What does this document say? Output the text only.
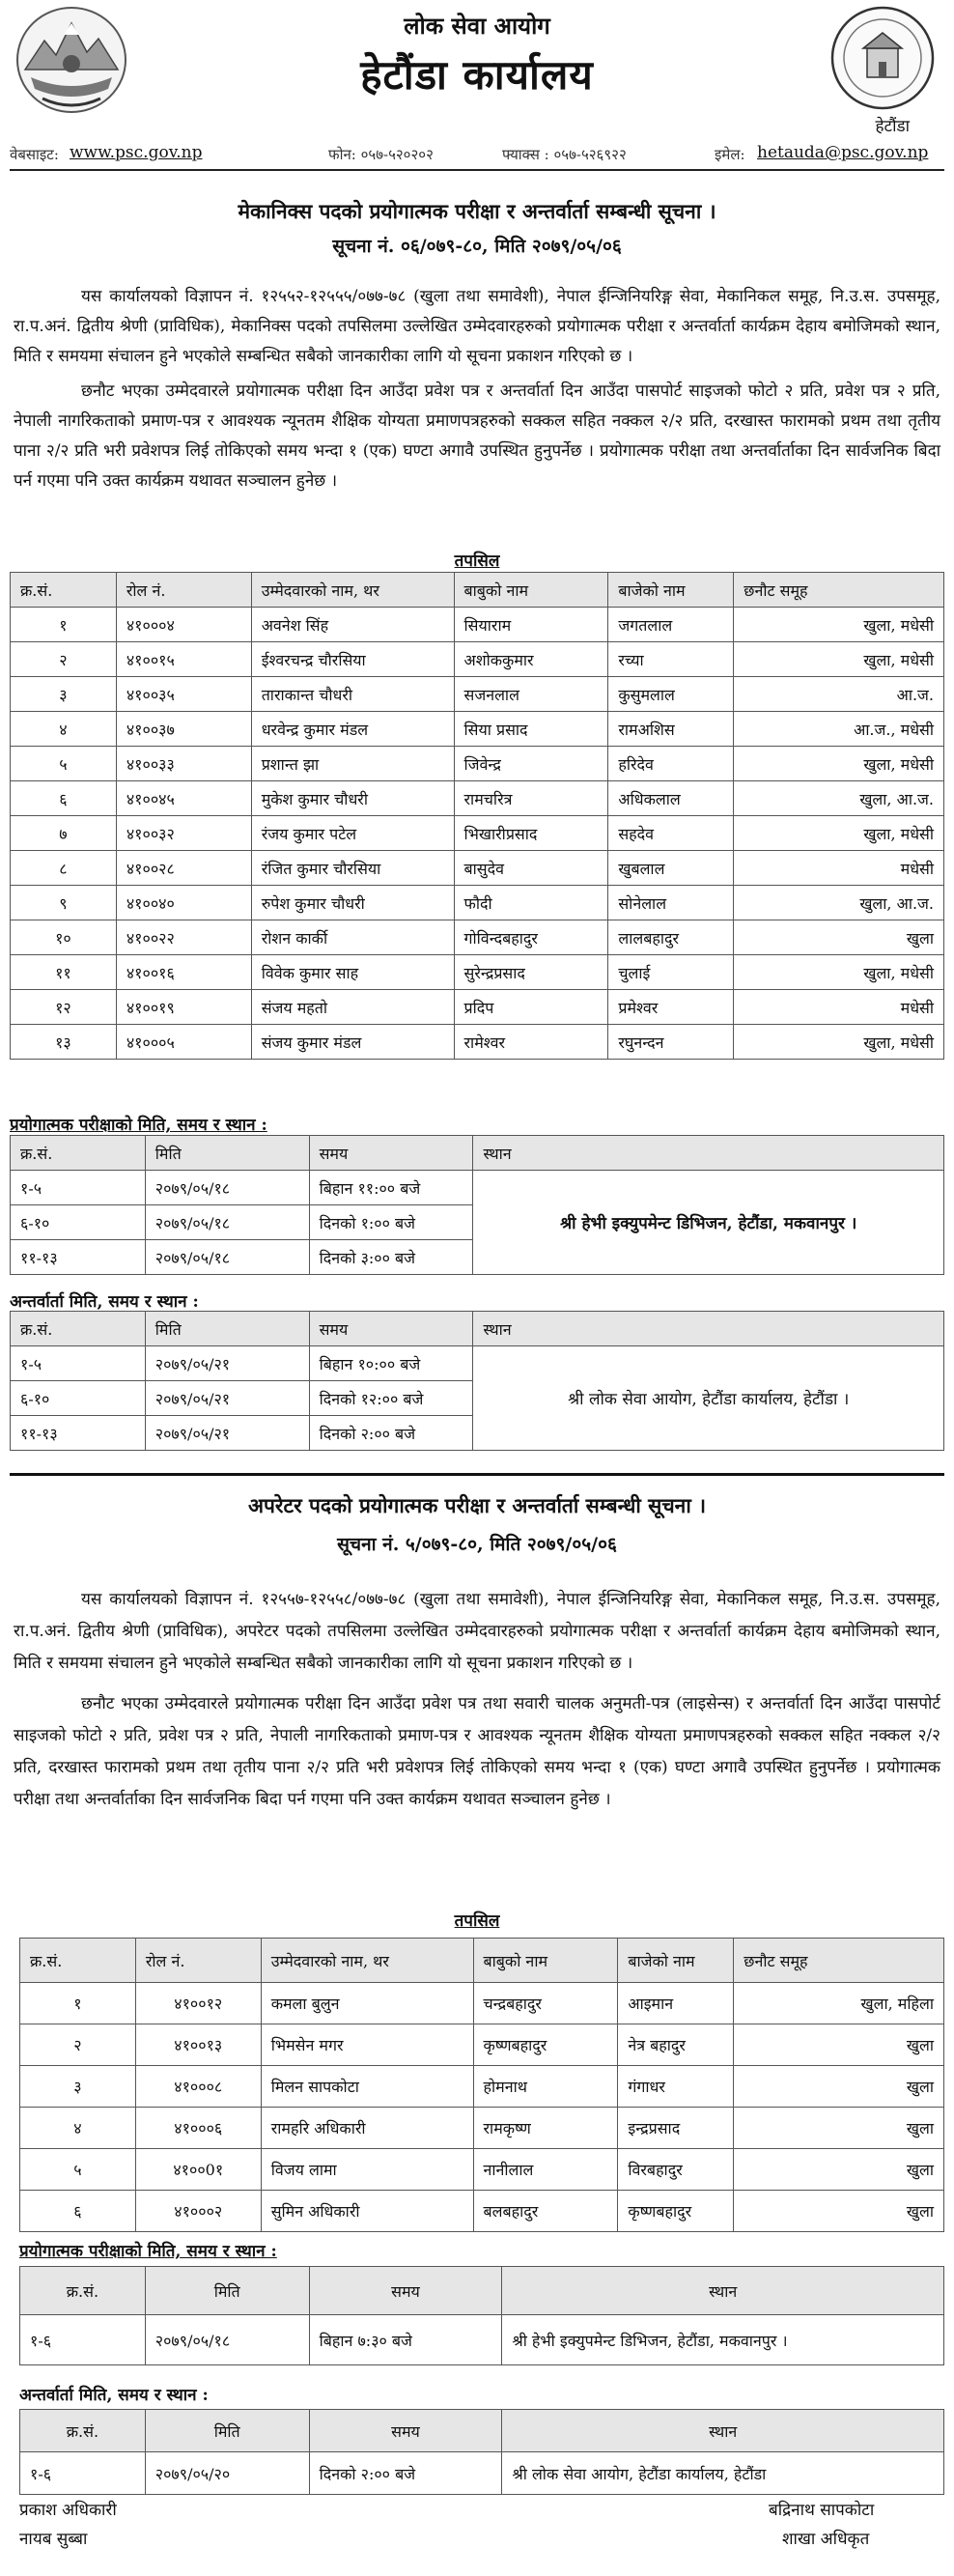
लोक सेवा आयोग
हेटौंडा कार्यालय
हेटौंडा
वेबसाइट: www.psc.gov.np	फोन: ०५७-५२०२०२	फ्याक्स : ०५७-५२६९२२	इमेल: hetauda@psc.gov.np
मेकानिक्स पदको प्रयोगात्मक परीक्षा र अन्तर्वार्ता सम्बन्धी सूचना ।
सूचना नं. ०६/०७९-८०, मिति २०७९/०५/०६

यस कार्यालयको विज्ञापन नं. १२५५२-१२५५५/०७७-७८ (खुला तथा समावेशी), नेपाल ईन्जिनियरिङ्ग सेवा, मेकानिकल समूह, नि.उ.स. उपसमूह, रा.प.अनं. द्वितीय श्रेणी (प्राविधिक), मेकानिक्स पदको तपसिलमा उल्लेखित उम्मेदवारहरुको प्रयोगात्मक परीक्षा र अन्तर्वार्ता कार्यक्रम देहाय बमोजिमको स्थान, मिति र समयमा संचालन हुने भएकोले सम्बन्धित सबैको जानकारीका लागि यो सूचना प्रकाशन गरिएको छ ।

छनौट भएका उम्मेदवारले प्रयोगात्मक परीक्षा दिन आउँदा प्रवेश पत्र र अन्तर्वार्ता दिन आउँदा पासपोर्ट साइजको फोटो २ प्रति, प्रवेश पत्र २ प्रति, नेपाली नागरिकताको प्रमाण-पत्र र आवश्यक न्यूनतम शैक्षिक योग्यता प्रमाणपत्रहरुको सक्कल सहित नक्कल २/२ प्रति, दरखास्त फारामको प्रथम तथा तृतीय पाना २/२ प्रति भरी प्रवेशपत्र लिई तोकिएको समय भन्दा १ (एक) घण्टा अगावै उपस्थित हुनुपर्नेछ । प्रयोगात्मक परीक्षा तथा अन्तर्वार्ताका दिन सार्वजनिक बिदा पर्न गएमा पनि उक्त कार्यक्रम यथावत सञ्चालन हुनेछ ।

तपसिल
क्र.सं.	रोल नं.	उम्मेदवारको नाम, थर	बाबुको नाम	बाजेको नाम	छनौट समूह
१	४१०००४	अवनेश सिंह	सियाराम	जगतलाल	खुला, मधेसी
२	४१००१५	ईश्वरचन्द्र चौरसिया	अशोककुमार	रच्या	खुला, मधेसी
३	४१००३५	ताराकान्त चौधरी	सजनलाल	कुसुमलाल	आ.ज.
४	४१००३७	धरवेन्द्र कुमार मंडल	सिया प्रसाद	रामअशिस	आ.ज., मधेसी
५	४१००३३	प्रशान्त झा	जिवेन्द्र	हरिदेव	खुला, मधेसी
६	४१००४५	मुकेश कुमार चौधरी	रामचरित्र	अधिकलाल	खुला, आ.ज.
७	४१००३२	रंजय कुमार पटेल	भिखारीप्रसाद	सहदेव	खुला, मधेसी
८	४१००२८	रंजित कुमार चौरसिया	बासुदेव	खुबलाल	मधेसी
९	४१००४०	रुपेश कुमार चौधरी	फौदी	सोनेलाल	खुला, आ.ज.
१०	४१००२२	रोशन कार्की	गोविन्दबहादुर	लालबहादुर	खुला
११	४१००१६	विवेक कुमार साह	सुरेन्द्रप्रसाद	चुलाई	खुला, मधेसी
१२	४१००१९	संजय महतो	प्रदिप	प्रमेश्वर	मधेसी
१३	४१०००५	संजय कुमार मंडल	रामेश्वर	रघुनन्दन	खुला, मधेसी
प्रयोगात्मक परीक्षाको मिति, समय र स्थान :
क्र.सं.	मिति	समय	स्थान
१-५	२०७९/०५/१८	बिहान ११:०० बजे	श्री हेभी इक्युपमेन्ट डिभिजन, हेटौंडा, मकवानपुर ।
६-१०	२०७९/०५/१८	दिनको १:०० बजे	
११-१३	२०७९/०५/१८	दिनको ३:०० बजे	
अन्तर्वार्ता मिति, समय र स्थान :
क्र.सं.	मिति	समय	स्थान
१-५	२०७९/०५/२१	बिहान १०:०० बजे	श्री लोक सेवा आयोग, हेटौंडा कार्यालय, हेटौंडा ।
६-१०	२०७९/०५/२१	दिनको १२:०० बजे	
११-१३	२०७९/०५/२१	दिनको २:०० बजे	
अपरेटर पदको प्रयोगात्मक परीक्षा र अन्तर्वार्ता सम्बन्धी सूचना ।
सूचना नं. ५/०७९-८०, मिति २०७९/०५/०६

यस कार्यालयको विज्ञापन नं. १२५५७-१२५५८/०७७-७८ (खुला तथा समावेशी), नेपाल ईन्जिनियरिङ्ग सेवा, मेकानिकल समूह, नि.उ.स. उपसमूह, रा.प.अनं. द्वितीय श्रेणी (प्राविधिक), अपरेटर पदको तपसिलमा उल्लेखित उम्मेदवारहरुको प्रयोगात्मक परीक्षा र अन्तर्वार्ता कार्यक्रम देहाय बमोजिमको स्थान, मिति र समयमा संचालन हुने भएकोले सम्बन्धित सबैको जानकारीका लागि यो सूचना प्रकाशन गरिएको छ ।

छनौट भएका उम्मेदवारले प्रयोगात्मक परीक्षा दिन आउँदा प्रवेश पत्र तथा सवारी चालक अनुमती-पत्र (लाइसेन्स) र अन्तर्वार्ता दिन आउँदा पासपोर्ट साइजको फोटो २ प्रति, प्रवेश पत्र २ प्रति, नेपाली नागरिकताको प्रमाण-पत्र र आवश्यक न्यूनतम शैक्षिक योग्यता प्रमाणपत्रहरुको सक्कल सहित नक्कल २/२ प्रति, दरखास्त फारामको प्रथम तथा तृतीय पाना २/२ प्रति भरी प्रवेशपत्र लिई तोकिएको समय भन्दा १ (एक) घण्टा अगावै उपस्थित हुनुपर्नेछ । प्रयोगात्मक परीक्षा तथा अन्तर्वार्ताका दिन सार्वजनिक बिदा पर्न गएमा पनि उक्त कार्यक्रम यथावत सञ्चालन हुनेछ ।

तपसिल
क्र.सं.	रोल नं.	उम्मेदवारको नाम, थर	बाबुको नाम	बाजेको नाम	छनौट समूह
१	४१००१२	कमला बुलुन	चन्द्रबहादुर	आइमान	खुला, महिला
२	४१००१३	भिमसेन मगर	कृष्णबहादुर	नेत्र बहादुर	खुला
३	४१०००८	मिलन सापकोटा	होमनाथ	गंगाधर	खुला
४	४१०००६	रामहरि अधिकारी	रामकृष्ण	इन्द्रप्रसाद	खुला
५	४१००0१	विजय लामा	नानीलाल	विरबहादुर	खुला
६	४१०००२	सुमिन अधिकारी	बलबहादुर	कृष्णबहादुर	खुला
प्रयोगात्मक परीक्षाको मिति, समय र स्थान :
क्र.सं.	मिति	समय	स्थान
१-६	२०७९/०५/१८	बिहान ७:३० बजे	श्री हेभी इक्युपमेन्ट डिभिजन, हेटौंडा, मकवानपुर ।
अन्तर्वार्ता मिति, समय र स्थान :
क्र.सं.	मिति	समय	स्थान
१-६	२०७९/०५/२०	दिनको २:०० बजे	श्री लोक सेवा आयोग, हेटौंडा कार्यालय, हेटौंडा
प्रकाश अधिकारी
नायब सुब्बा
बद्रिनाथ सापकोटा
शाखा अधिकृत
